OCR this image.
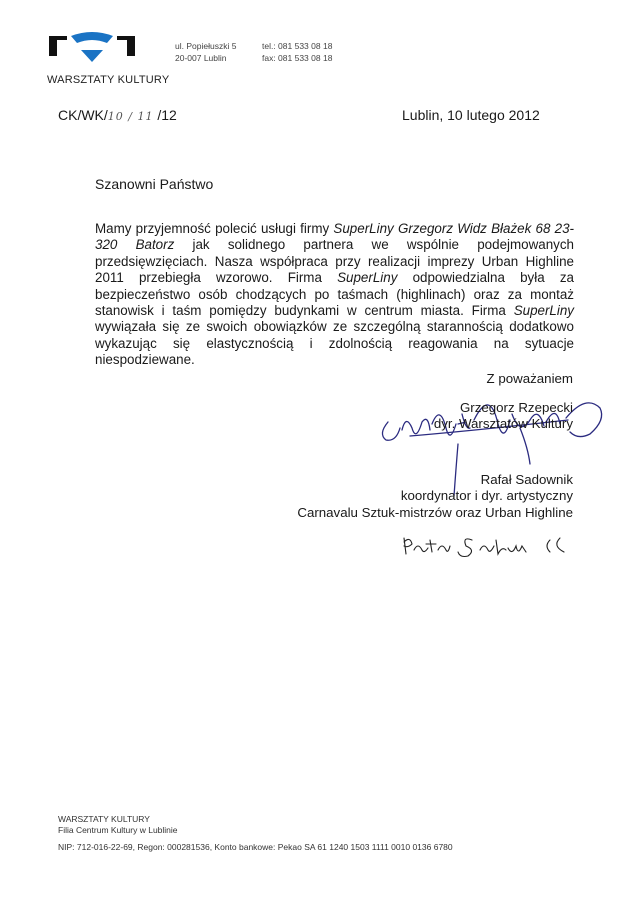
WARSZTATY KULTURY
ul. Popiełuszki 5
20-007 Lublin
tel.: 081 533 08 18
fax: 081 533 08 18
CK/WK/10 / 11 /12	Lublin, 10 lutego 2012
Szanowni Państwo
Mamy przyjemność polecić usługi firmy SuperLiny Grzegorz Widz Błażek 68 23-320 Batorz jak solidnego partnera we wspólnie podejmowanych przedsięwzięciach. Nasza współpraca przy realizacji imprezy Urban Highline 2011 przebiegła wzorowo. Firma SuperLiny odpowiedzialna była za bezpieczeństwo osób chodzących po taśmach (highlinach) oraz za montaż stanowisk i taśm pomiędzy budynkami w centrum miasta. Firma SuperLiny wywiązała się ze swoich obowiązków ze szczególną starannością dodatkowo wykazując się elastycznością i zdolnością reagowania na sytuacje niespodziewane.
Z poważaniem
Grzegorz Rzepecki
dyr. Warsztatów Kultury
Rafał Sadownik
koordynator i dyr. artystyczny
Carnavalu Sztuk-mistrzów oraz Urban Highline
WARSZTATY KULTURY
Filia Centrum Kultury w Lublinie
NIP: 712-016-22-69, Regon: 000281536, Konto bankowe: Pekao SA 61 1240 1503 1111 0010 0136 6780
